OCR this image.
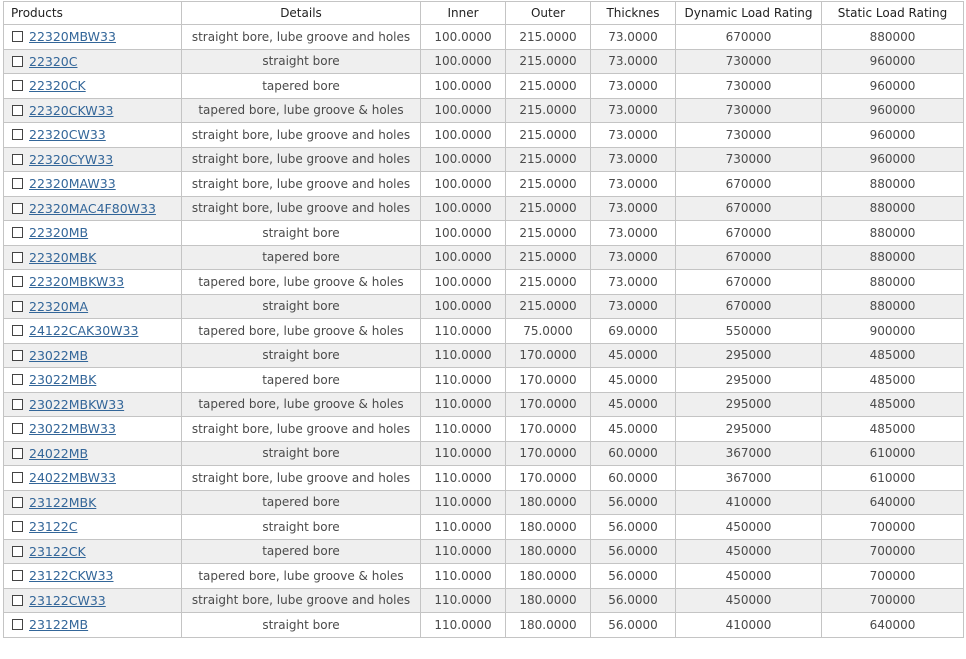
Products	Details	Inner	Outer	Thicknes	Dynamic Load Rating	Static Load Rating
22320MBW33	straight bore, lube groove and holes	100.0000	215.0000	73.0000	670000	880000
22320C	straight bore	100.0000	215.0000	73.0000	730000	960000
22320CK	tapered bore	100.0000	215.0000	73.0000	730000	960000
22320CKW33	tapered bore, lube groove & holes	100.0000	215.0000	73.0000	730000	960000
22320CW33	straight bore, lube groove and holes	100.0000	215.0000	73.0000	730000	960000
22320CYW33	straight bore, lube groove and holes	100.0000	215.0000	73.0000	730000	960000
22320MAW33	straight bore, lube groove and holes	100.0000	215.0000	73.0000	670000	880000
22320MAC4F80W33	straight bore, lube groove and holes	100.0000	215.0000	73.0000	670000	880000
22320MB	straight bore	100.0000	215.0000	73.0000	670000	880000
22320MBK	tapered bore	100.0000	215.0000	73.0000	670000	880000
22320MBKW33	tapered bore, lube groove & holes	100.0000	215.0000	73.0000	670000	880000
22320MA	straight bore	100.0000	215.0000	73.0000	670000	880000
24122CAK30W33	tapered bore, lube groove & holes	110.0000	75.0000	69.0000	550000	900000
23022MB	straight bore	110.0000	170.0000	45.0000	295000	485000
23022MBK	tapered bore	110.0000	170.0000	45.0000	295000	485000
23022MBKW33	tapered bore, lube groove & holes	110.0000	170.0000	45.0000	295000	485000
23022MBW33	straight bore, lube groove and holes	110.0000	170.0000	45.0000	295000	485000
24022MB	straight bore	110.0000	170.0000	60.0000	367000	610000
24022MBW33	straight bore, lube groove and holes	110.0000	170.0000	60.0000	367000	610000
23122MBK	tapered bore	110.0000	180.0000	56.0000	410000	640000
23122C	straight bore	110.0000	180.0000	56.0000	450000	700000
23122CK	tapered bore	110.0000	180.0000	56.0000	450000	700000
23122CKW33	tapered bore, lube groove & holes	110.0000	180.0000	56.0000	450000	700000
23122CW33	straight bore, lube groove and holes	110.0000	180.0000	56.0000	450000	700000
23122MB	straight bore	110.0000	180.0000	56.0000	410000	640000
